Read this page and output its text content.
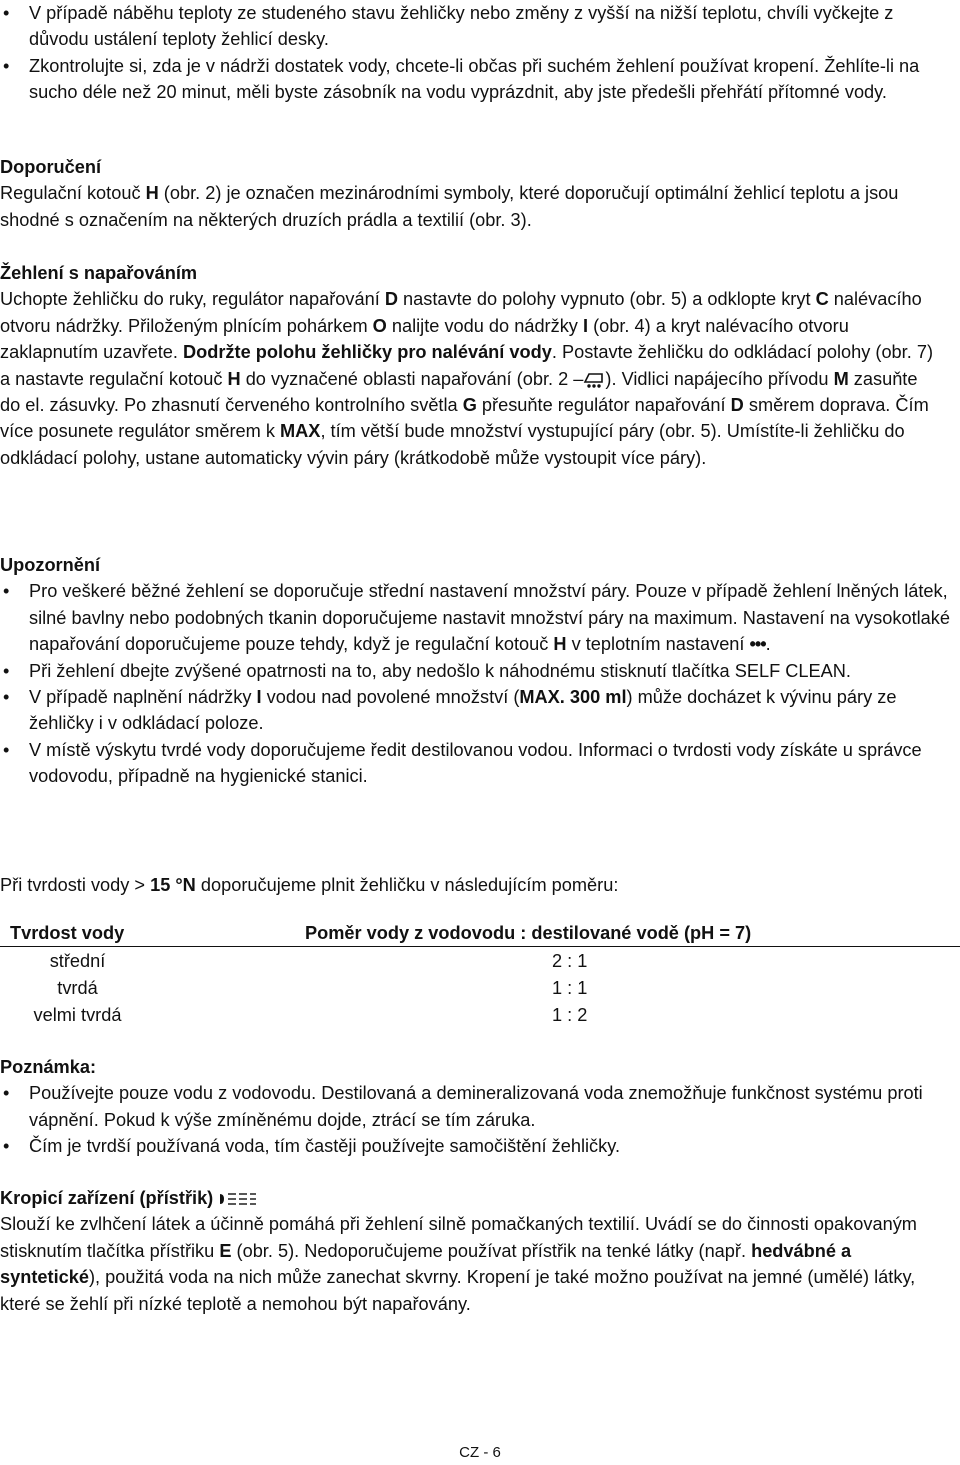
• V případě náběhu teploty ze studeného stavu žehličky nebo změny z vyšší na nižší teplotu, chvíli vyčkejte z důvodu ustálení teploty žehlicí desky.
• Zkontrolujte si, zda je v nádrži dostatek vody, chcete-li občas při suchém žehlení používat kropení. Žehlíte-li na sucho déle než 20 minut, měli byste zásobník na vodu vyprázdnit, aby jste předešli přehřátí přítomné vody.

Doporučení

Regulační kotouč H (obr. 2) je označen mezinárodními symboly, které doporučují optimální žehlicí teplotu a jsou shodné s označením na některých druzích prádla a textilií (obr. 3).

Žehlení s napařováním

Uchopte žehličku do ruky, regulátor napařování D nastavte do polohy vypnuto (obr. 5) a odklopte kryt C nalévacího otvoru nádržky. Přiloženým plnícím pohárkem O nalijte vodu do nádržky I (obr. 4) a kryt nalévacího otvoru zaklapnutím uzavřete. Dodržte polohu žehličky pro nalévání vody. Postavte žehličku do odkládací polohy (obr. 7) a nastavte regulační kotouč H do vyznačené oblasti napařování (obr. 2 – ). Vidlici napájecího přívodu M zasuňte do el. zásuvky. Po zhasnutí červeného kontrolního světla G přesuňte regulátor napařování D směrem doprava. Čím více posunete regulátor směrem k MAX, tím větší bude množství vystupující páry (obr. 5). Umístíte-li žehličku do odkládací polohy, ustane automaticky vývin páry (krátkodobě může vystoupit více páry).

Upozornění

• Pro veškeré běžné žehlení se doporučuje střední nastavení množství páry. Pouze v případě žehlení lněných látek, silné bavlny nebo podobných tkanin doporučujeme nastavit množství páry na maximum. Nastavení na vysokotlaké napařování doporučujeme pouze tehdy, když je regulační kotouč H v teplotním nastavení •••.
• Při žehlení dbejte zvýšené opatrnosti na to, aby nedošlo k náhodnému stisknutí tlačítka SELF CLEAN.
• V případě naplnění nádržky I vodou nad povolené množství (MAX. 300 ml) může docházet k vývinu páry ze žehličky i v odkládací poloze.
• V místě výskytu tvrdé vody doporučujeme ředit destilovanou vodou. Informaci o tvrdosti vody získáte u správce vodovodu, případně na hygienické stanici.

Při tvrdosti vody > 15 °N doporučujeme plnit žehličku v následujícím poměru:

Tvrdost vody	Poměr vody z vodovodu : destilované vodě (pH = 7)
střední	2 : 1
tvrdá	1 : 1
velmi tvrdá	1 : 2

Poznámka:

• Používejte pouze vodu z vodovodu. Destilovaná a demineralizovaná voda znemožňuje funkčnost systému proti vápnění. Pokud k výše zmíněnému dojde, ztrácí se tím záruka.
• Čím je tvrdší používaná voda, tím častěji používejte samočištění žehličky.

Kropicí zařízení (přístřik)

Slouží ke zvlhčení látek a účinně pomáhá při žehlení silně pomačkaných textilií. Uvádí se do činnosti opakovaným stisknutím tlačítka přístřiku E (obr. 5). Nedoporučujeme používat přístřik na tenké látky (např. hedvábné a syntetické), použitá voda na nich může zanechat skvrny. Kropení je také možno používat na jemné (umělé) látky, které se žehlí při nízké teplotě a nemohou být napařovány.

CZ - 6
